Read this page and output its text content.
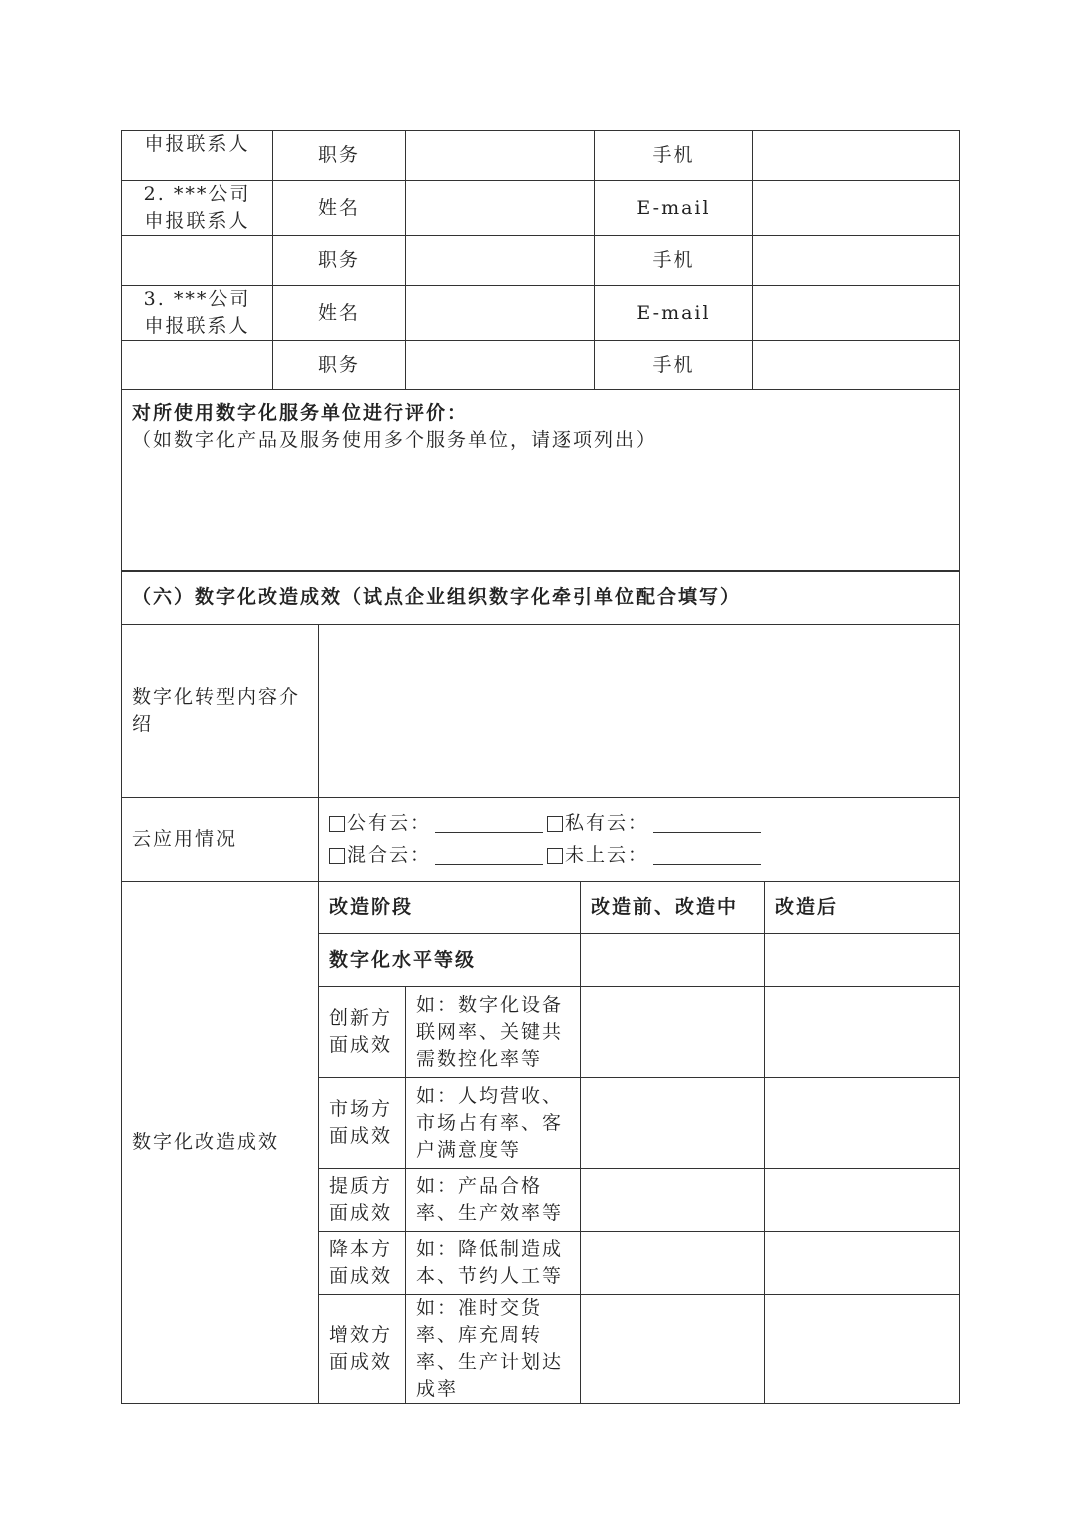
申报联系人	职务		手机	

2. ***公司
申报联系人	姓名		E-mail	
	职务		手机	

3. ***公司
申报联系人	姓名		E-mail	
	职务		手机	

对所使用数字化服务单位进行评价：
（如数字化产品及服务使用多个服务单位，请逐项列出）				
（六）数字化改造成效（试点企业组织数字化牵引单位配合填写）				
数字化转型内容介绍				
云应用情况	公有云： 私有云：
混合云： 未上云：			

数字化改造成效	改造阶段		改造前、改造中	改造后
	数字化水平等级			
	创新方面成效	如：数字化设备联网率、关键共需数控化率等		
	市场方面成效	如：人均营收、市场占有率、客户满意度等		
	提质方面成效	如：产品合格率、生产效率等		
	降本方面成效	如：降低制造成本、节约人工等		
	增效方面成效	如：准时交货率、库充周转率、生产计划达成率		
